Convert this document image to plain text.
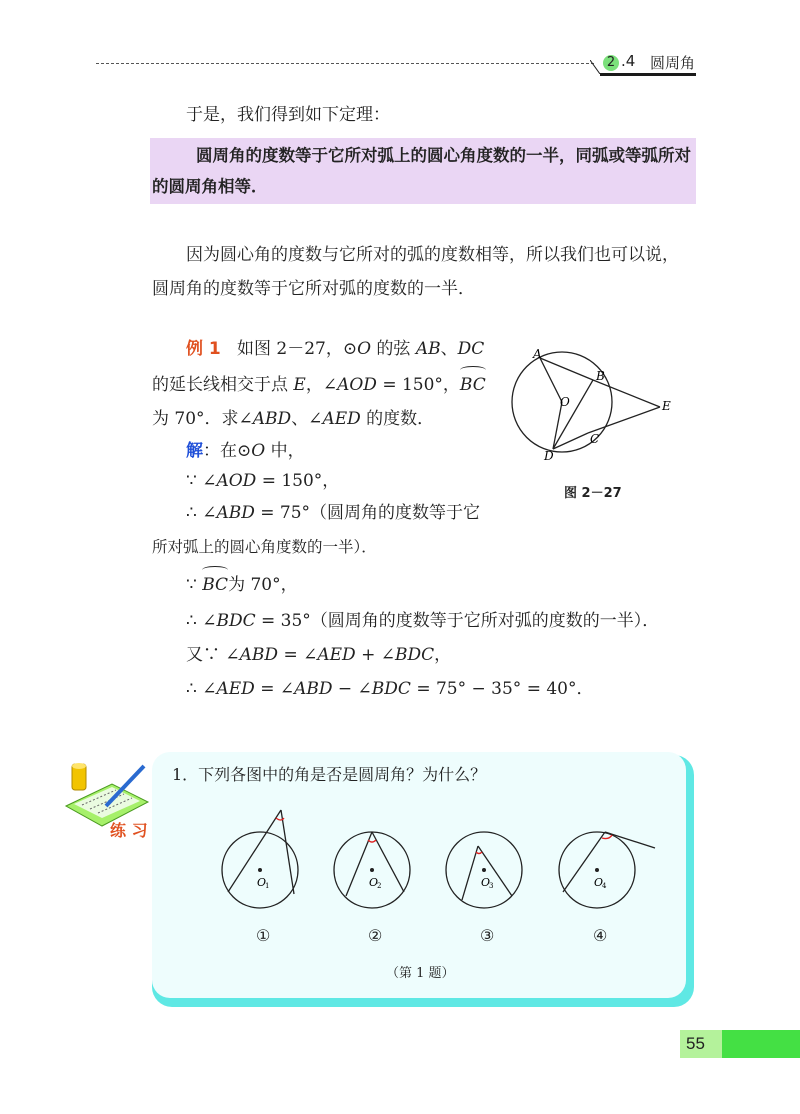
2 .4 圆周角
于是，我们得到如下定理：
圆周角的度数等于它所对弧上的圆心角度数的一半，同弧或等弧所对的圆周角相等．
因为圆心角的度数与它所对的弧的度数相等，所以我们也可以说，
圆周角的度数等于它所对弧的度数的一半．
例 1 如图 2－27，⊙O 的弦 AB、DC
的延长线相交于点 E，∠AOD = 150°，BC
为 70°．求∠ABD、∠AED 的度数．
A
B
C
D
E
O
图 2－27
解：在⊙O 中，
∵ ∠AOD = 150°，
∴ ∠ABD = 75°（圆周角的度数等于它
所对弧上的圆心角度数的一半）．
∵ BC为 70°，
∴ ∠BDC = 35°（圆周角的度数等于它所对弧的度数的一半）．
又∵ ∠ABD = ∠AED + ∠BDC，
∴ ∠AED = ∠ABD − ∠BDC = 75° − 35° = 40°．
练 习
1．下列各图中的角是否是圆周角？为什么？
O
1
①
O
2
②
O
3
③
O
4
④
（第 1 题）
55
